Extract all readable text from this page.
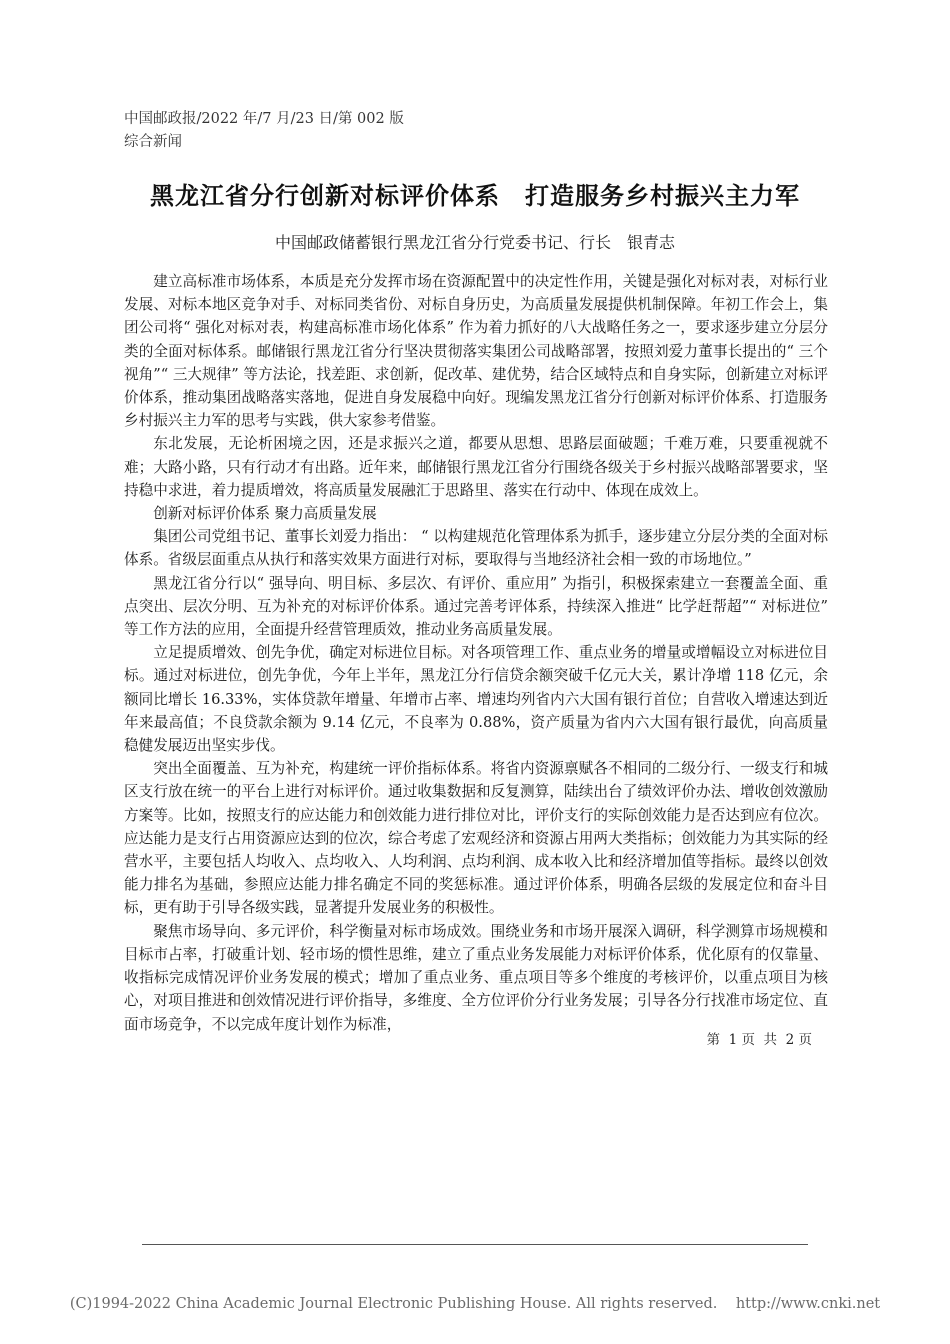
中国邮政报/2022 年/7 月/23 日/第 002 版综合新闻

黑龙江省分行创新对标评价体系　打造服务乡村振兴主力军

中国邮政储蓄银行黑龙江省分行党委书记、行长　银青志

建立高标准市场体系，本质是充分发挥市场在资源配置中的决定性作用，关键是强化对标对表，对标行业发展、对标本地区竞争对手、对标同类省份、对标自身历史，为高质量发展提供机制保障。年初工作会上，集团公司将“ 强化对标对表，构建高标准市场化体系” 作为着力抓好的八大战略任务之一，要求逐步建立分层分类的全面对标体系。邮储银行黑龙江省分行坚决贯彻落实集团公司战略部署，按照刘爱力董事长提出的“ 三个视角”“ 三大规律” 等方法论，找差距、求创新，促改革、建优势，结合区域特点和自身实际，创新建立对标评价体系，推动集团战略落实落地，促进自身发展稳中向好。现编发黑龙江省分行创新对标评价体系、打造服务乡村振兴主力军的思考与实践，供大家参考借鉴。

东北发展，无论析困境之因，还是求振兴之道，都要从思想、思路层面破题；千难万难，只要重视就不难；大路小路，只有行动才有出路。近年来，邮储银行黑龙江省分行围绕各级关于乡村振兴战略部署要求，坚持稳中求进，着力提质增效，将高质量发展融汇于思路里、落实在行动中、体现在成效上。

创新对标评价体系 聚力高质量发展

集团公司党组书记、董事长刘爱力指出： “ 以构建规范化管理体系为抓手，逐步建立分层分类的全面对标体系。省级层面重点从执行和落实效果方面进行对标，要取得与当地经济社会相一致的市场地位。”

黑龙江省分行以“ 强导向、明目标、多层次、有评价、重应用” 为指引，积极探索建立一套覆盖全面、重点突出、层次分明、互为补充的对标评价体系。通过完善考评体系，持续深入推进“ 比学赶帮超”“ 对标进位” 等工作方法的应用，全面提升经营管理质效，推动业务高质量发展。

立足提质增效、创先争优，确定对标进位目标。对各项管理工作、重点业务的增量或增幅设立对标进位目标。通过对标进位，创先争优，今年上半年，黑龙江分行信贷余额突破千亿元大关，累计净增 118 亿元，余额同比增长 16.33%，实体贷款年增量、年增市占率、增速均列省内六大国有银行首位；自营收入增速达到近年来最高值；不良贷款余额为 9.14 亿元，不良率为 0.88%，资产质量为省内六大国有银行最优，向高质量稳健发展迈出坚实步伐。

突出全面覆盖、互为补充，构建统一评价指标体系。将省内资源禀赋各不相同的二级分行、一级支行和城区支行放在统一的平台上进行对标评价。通过收集数据和反复测算，陆续出台了绩效评价办法、增收创效激励方案等。比如，按照支行的应达能力和创效能力进行排位对比，评价支行的实际创效能力是否达到应有位次。应达能力是支行占用资源应达到的位次，综合考虑了宏观经济和资源占用两大类指标；创效能力为其实际的经营水平，主要包括人均收入、点均收入、人均利润、点均利润、成本收入比和经济增加值等指标。最终以创效能力排名为基础，参照应达能力排名确定不同的奖惩标准。通过评价体系，明确各层级的发展定位和奋斗目标，更有助于引导各级实践，显著提升发展业务的积极性。

聚焦市场导向、多元评价，科学衡量对标市场成效。围绕业务和市场开展深入调研，科学测算市场规模和目标市占率，打破重计划、轻市场的惯性思维，建立了重点业务发展能力对标评价体系，优化原有的仅靠量、收指标完成情况评价业务发展的模式；增加了重点业务、重点项目等多个维度的考核评价，以重点项目为核心，对项目推进和创效情况进行评价指导，多维度、全方位评价分行业务发展；引导各分行找准市场定位、直面市场竞争，不以完成年度计划作为标准，

第  1 页  共  2 页

(C)1994-2022 China Academic Journal Electronic Publishing House. All rights reserved.    http://www.cnki.net
